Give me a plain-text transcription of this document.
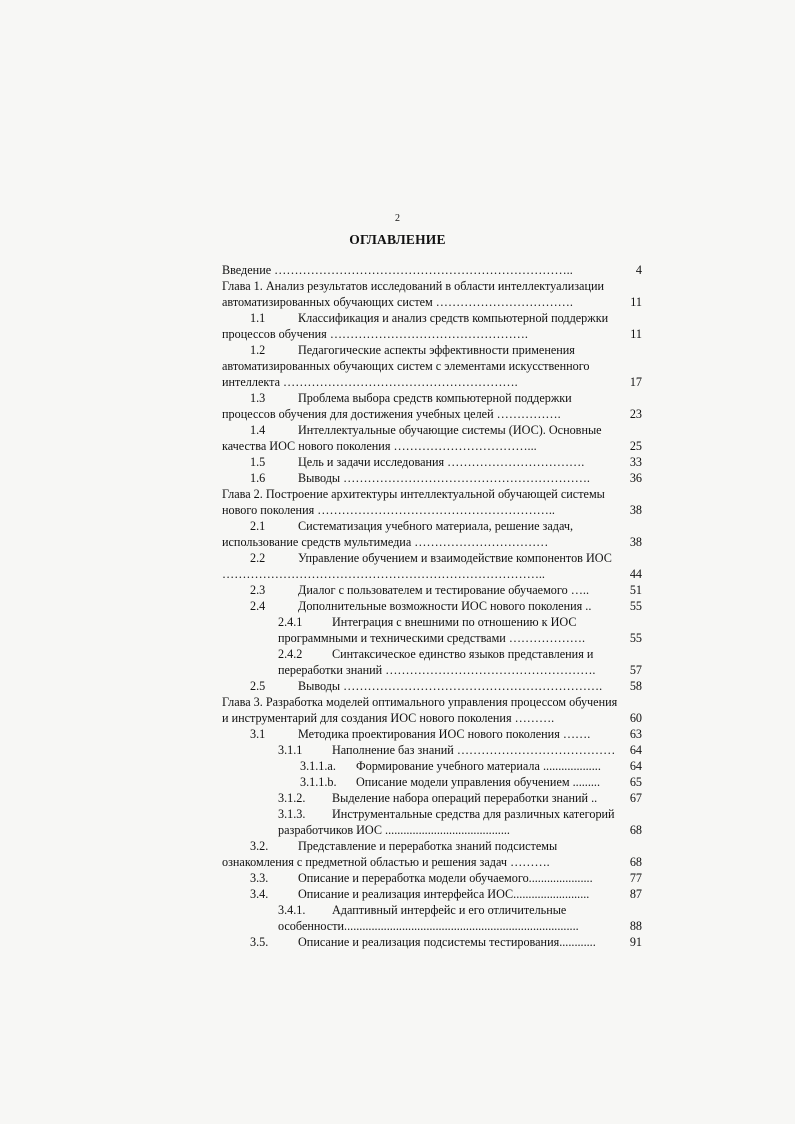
2
ОГЛАВЛЕНИЕ
Введение ………………………………………………………………..	4
Глава 1. Анализ результатов исследований в области интеллектуализации автоматизированных обучающих систем …………………………….	11
1.1	Классификация и анализ средств компьютерной поддержки процессов обучения ………………………………………….	11
1.2	Педагогические аспекты эффективности применения автоматизированных обучающих систем с элементами искусственного интеллекта ………………………………………………….	17
1.3	Проблема выбора средств компьютерной поддержки процессов обучения для достижения учебных целей …………….	23
1.4	Интеллектуальные обучающие системы (ИОС). Основные качества ИОС нового поколения ……………………………...	25
1.5	Цель и задачи исследования …………………………….	33
1.6	Выводы …………………………………………………….	36
Глава 2. Построение архитектуры интеллектуальной обучающей системы нового поколения …………………………………………………..	38
2.1	Систематизация учебного материала, решение задач, использование средств мультимедиа ……………………………	38
2.2	Управление обучением и взаимодействие компонентов ИОС ……………………………………………………………………..	44
2.3	Диалог с пользователем и тестирование обучаемого …..	51
2.4	Дополнительные возможности ИОС нового поколения ..	55
2.4.1 Интеграция с внешними по отношению к ИОС программными и техническими средствами ……………….	55
2.4.2 Синтаксическое единство языков представления и переработки знаний …………………………………………….	57
2.5	Выводы ……………………………………………………….	58
Глава 3. Разработка моделей оптимального управления процессом обучения и инструментарий для создания ИОС нового поколения ……….	60
3.1	Методика проектирования ИОС нового поколения …….	63
3.1.1 Наполнение баз знаний …………………………………	64
3.1.1.a. Формирование учебного материала ...................	64
3.1.1.b. Описание модели управления обучением .........	65
3.1.2. Выделение набора операций переработки знаний ..	67
3.1.3. Инструментальные средства для различных категорий разработчиков ИОС .........................................	68
3.2. Представление и переработка знаний подсистемы ознакомления с предметной областью и решения задач ……….	68
3.3. Описание и переработка модели обучаемого.....................	77
3.4. Описание и реализация интерфейса ИОС.........................	87
3.4.1. Адаптивный интерфейс и его отличительные особенности.............................................................................	88
3.5. Описание и реализация подсистемы тестирования............	91
